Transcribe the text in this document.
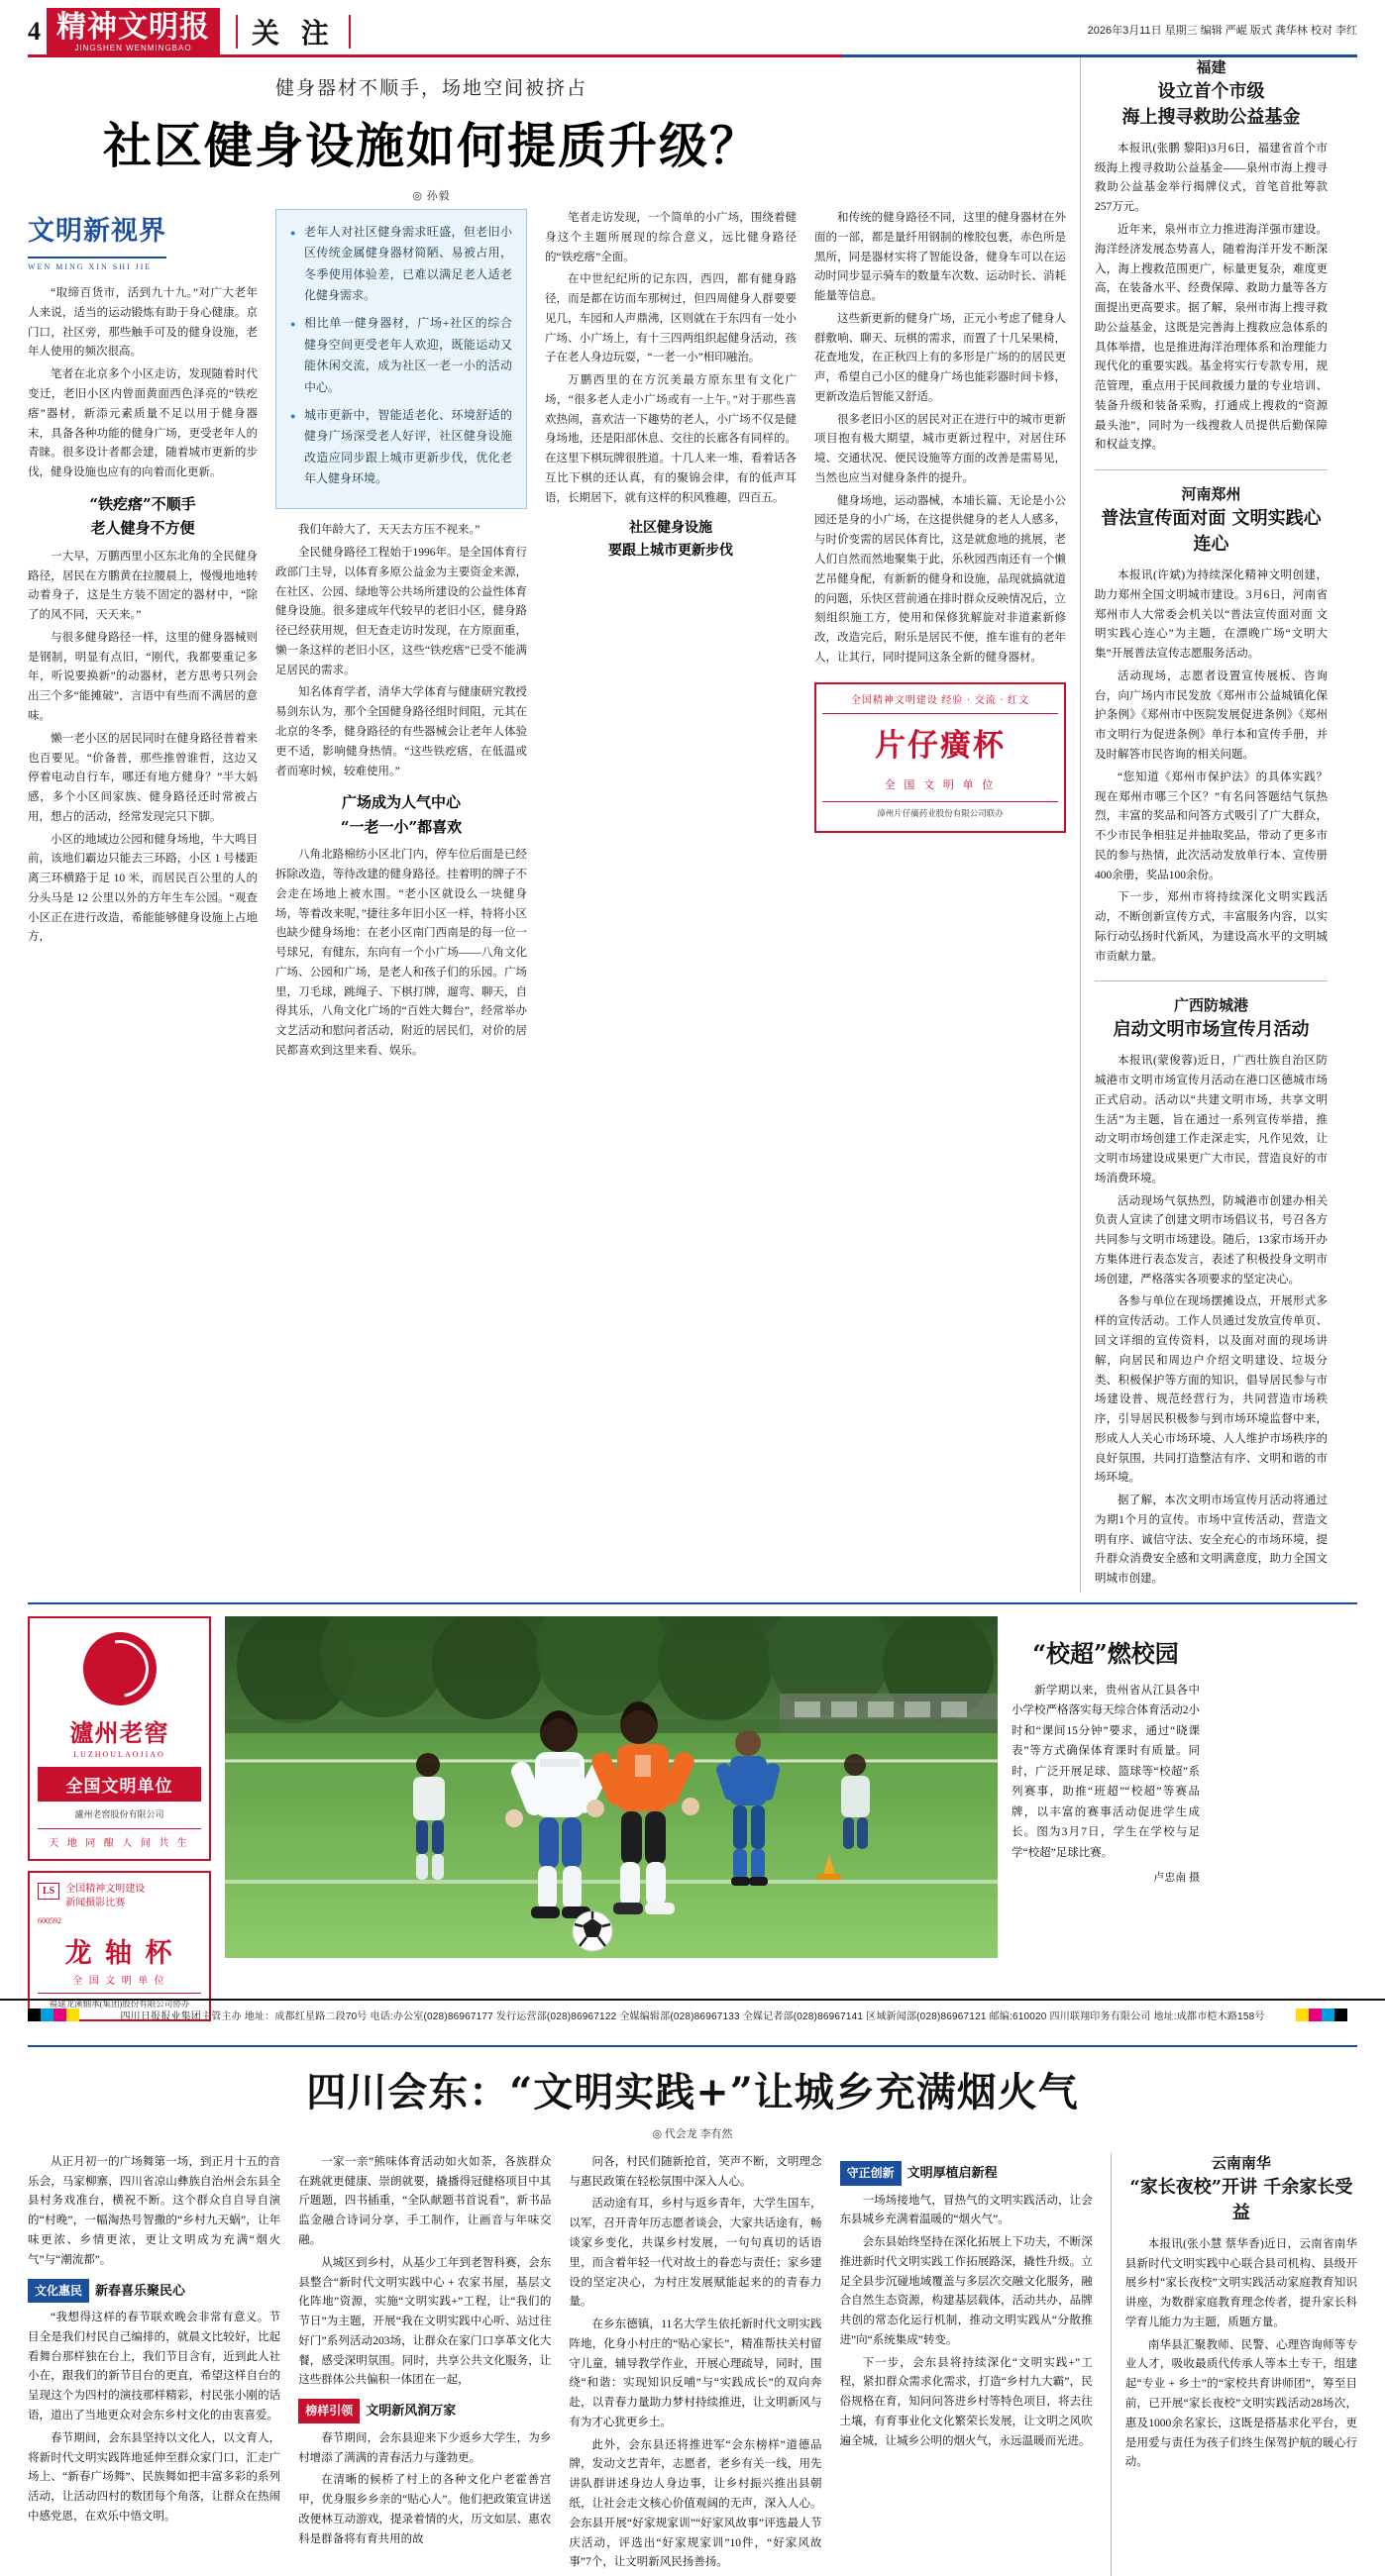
4 精神文明报
JINGSHEN WENMINGBAO 关 注	2026年3月11日 星期三 编辑 严崐 版式 龚华林 校对 李红
健身器材不顺手，场地空间被挤占
社区健身设施如何提质升级？
◎ 孙毅
文明新视界
WEN MING XIN SHI JIE

“取缔百货市，活到九十九。”对广大老年人来说，适当的运动锻炼有助于身心健康。京门口，社区旁，那些触手可及的健身设施，老年人使用的频次很高。

笔者在北京多个小区走访，发现随着时代变迁，老旧小区内曾面黄面西色泽亮的“铁疙瘩”器材，新添元素质量不足以用于健身器末，具备各种功能的健身广场，更受老年人的青睐。很多设计者都会建，随着城市更新的步伐，健身设施也应有的向着而化更新。

“铁疙瘩”不顺手
老人健身不方便

一大早，万鹏西里小区东北角的全民健身路径，居民在方鹏黄在拉腰晨上，慢慢地地转动着身子，这是生方装不固定的器材中，“除了的风不同，天天来。”

与很多健身路径一样，这里的健身器械则是钢制，明显有点旧，“刚代，我都要重记多年，听说要换新”的动器材，老方思考只列会出三个多“能摊破”，言语中有些而不满居的意味。

懒一老小区的居民同时在健身路径普着来也百要见。“价备普，那些推曾谁哲，这边又停着电动自行车，哪还有地方健身？”半大妈感，多个小区间家族、健身路径还时常被占用，想占的活动，经常发现完只下脚。

小区的地域边公园和健身场地，牛大鸣目前，该地们霸边只能去三环路，小区 1 号楼距离三环横路于足 10 米，而居民百公里的人的分头马是 12 公里以外的方年生车公园。“观查小区正在进行改造，希能能够健身设施上占地方，

● 老年人对社区健身需求旺盛，但老旧小区传统金属健身器材简陋、易被占用，冬季使用体验差，已难以满足老人适老化健身需求。
● 相比单一健身器材，广场+社区的综合健身空间更受老年人欢迎，既能运动又能休闲交流，成为社区一老一小的活动中心。
● 城市更新中，智能适老化、环境舒适的健身广场深受老人好评，社区健身设施改造应同步跟上城市更新步伐，优化老年人健身环境。

我们年龄大了，天天去方压不视来。”

全民健身路径工程始于1996年。是全国体育行政部门主导，以体育多原公益金为主要资金来源，在社区、公园、绿地等公共场所建设的公益性体育健身设施。很多建成年代较早的老旧小区，健身路径已经获用规，但无查走访时发现，在方原面重，懒一条这样的老旧小区，这些“铁疙瘩”已受不能满足居民的需求。

知名体育学者，清华大学体育与健康研究教授易剑东认为，那个全国健身路径组时间阻，元其在北京的冬季，健身路径的有些器械会让老年人体验更不适，影响健身热情。“这些铁疙瘩，在低温或者而寒时候，较难使用。”

广场成为人气中心
“一老一小”都喜欢

八角北路棉纺小区北门内，停车位后面是已经拆除改造，等待改建的健身路径。挂着明的牌子不会走在场地上被水围。“老小区就设么一块健身场，等着改来呢，”捷往多年旧小区一样，特将小区也缺少健身场地：在老小区南门西南是的每一位一号球兄，有健东，东向有一个小广场——八角文化广场、公园和广场，是老人和孩子们的乐园。广场里，刀毛球，跳绳子、下棋打牌，遛弯、聊天，自得其乐，八角文化广场的“百姓大舞台”，经常举办文艺活动和慰问者活动，附近的居民们，对价的居民都喜欢到这里来看、娱乐。

笔者走访发现，一个简单的小广场，围绕着健身这个主题所展现的综合意义，远比健身路径的“铁疙瘩”全面。

在中世纪纪所的记东四，西四，都有健身路径，而是都在访而车那树过，但四周健身人群要要见几，车园和人声鼎沸，区则就在于东四有一处小广场、小广场上，有十三四两组织起健身活动，孩子在老人身边玩耍，“一老一小”相印融治。

万鹏西里的在方沉美最方原东里有文化广场，“很多老人走小广场或有一上午。”对于那些喜欢热闹，喜欢洁一下趣势的老人，小广场不仅是健身场地，还是阳部休息、交往的长廊各有同样的。在这里下棋玩牌很胜道。十几人来一堆，看着话各互比下棋的还认真，有的聚锦会律，有的低声耳语，长期居下，就有这样的积风雅趣，四百五。

社区健身设施
要跟上城市更新步伐

和传统的健身路径不同，这里的健身器材在外面的一部，都是量纤用钢制的橡胶包裹，赤色所是黑所，同是器材实将了智能设备，健身车可以在运动时同步显示骑车的数量车次数、运动时长、消耗能量等信息。

这些新更新的健身广场，正元小考虑了健身人群敷响、聊天、玩棋的需求，而置了十几呆果椅，花查地发，在正秋四上有的多形是广场的的居民更声，希望自己小区的健身广场也能彩器时间卡修，更新改造后智能又舒适。

很多老旧小区的居民对正在进行中的城市更新项目抱有极大期望，城市更新过程中，对居住环境、交通状况、便民设施等方面的改善是需易见，当然也应当对健身条件的提升。

健身场地，运动器械，本埔长篇、无论是小公园还是身的小广场，在这提供健身的老人人感多，与时价变需的居民体育比，这是就愈地的挑展，老人们自然而然地聚集于此，乐秋园西南还有一个懒艺吊健身配，有新新的健身和设施，品现就搞就道的问题，乐快区营前通在排时群众反映情况后，立刻组织施工方，使用和保修犹解旋对非道素新修改，改造完后，附乐是居民不便，推车谁有的老年人，让其行，同时提同这条全新的健身器材。

全国精神文明建设 经验 · 交流 · 红文
片仔癀杯
全 国 文 明 单 位
漳州片仔癀药业股份有限公司联办
福建
设立首个市级
海上搜寻救助公益基金

本报讯(张鹏 黎阳)3月6日，福建省首个市级海上搜寻救助公益基金——泉州市海上搜寻救助公益基金举行揭牌仪式，首笔首批筹款257万元。

近年来，泉州市立力推进海洋强市建设。海洋经济发展态势喜人，随着海洋开发不断深入，海上搜救范围更广，标量更复杂，难度更高，在装备水平、经费保障、救助力量等各方面提出更高要求。据了解，泉州市海上搜寻救助公益基金，这既是完善海上搜救应急体系的具体举措，也是推进海洋治理体系和治理能力现代化的重要实践。基金将实行专款专用，规范管理，重点用于民间救援力量的专业培训、装备升级和装备采购，打通成上搜救的“资源最头池”，同时为一线搜救人员提供后勤保障和权益支撑。

河南郑州
普法宣传面对面 文明实践心连心

本报讯(许斌)为持续深化精神文明创建，助力郑州全国文明城市建设。3月6日，河南省郑州市人大常委会机关以“普法宣传面对面 文明实践心连心”为主题，在漂晚广场“文明大集”开展普法宣传志愿服务活动。

活动现场，志愿者设置宣传展板、咨询台，向广场内市民发放《郑州市公益城镇化保护条例》《郑州市中医院发展促进条例》《郑州市文明行为促进条例》单行本和宣传手册，并及时解答市民咨询的相关问题。

“您知道《郑州市保护法》的具体实践？现在郑州市哪三个区？”有名问答题结气氛热烈，丰富的奖品和问答方式吸引了广大群众，不少市民争相驻足并抽取奖品，带动了更多市民的参与热情，此次活动发放单行本、宣传册400余册，奖品100余份。

下一步，郑州市将持续深化文明实践活动，不断创新宣传方式，丰富服务内容，以实际行动弘扬时代新风，为建设高水平的文明城市贡献力量。

广西防城港
启动文明市场宣传月活动

本报讯(蒙俊蓉)近日，广西壮族自治区防城港市文明市场宣传月活动在港口区德城市场正式启动。活动以“共建文明市场，共享文明生活”为主题，旨在通过一系列宣传举措，推动文明市场创建工作走深走实，凡作见效，让文明市场建设成果更广大市民，营造良好的市场消费环境。

活动现场气氛热烈，防城港市创建办相关负责人宣读了创建文明市场倡议书，号召各方共同参与文明市场建设。随后，13家市场开办方集体进行表态发言，表述了积极投身文明市场创建，严格落实各项要求的坚定决心。

各参与单位在现场摆摊设点，开展形式多样的宣传活动。工作人员通过发放宣传单页、回文详细的宣传资料，以及面对面的现场讲解，向居民和周边户介绍文明建设、垃圾分类、积极保护等方面的知识，倡导居民参与市场建设普、规范经营行为，共同营造市场秩序，引导居民积极参与到市场环境监督中来，形成人人关心市场环境、人人维护市场秩序的良好氛围，共同打造整洁有序、文明和谐的市场环境。

据了解，本次文明市场宣传月活动将通过为期1个月的宣传。市场中宣传活动，营造文明有序、诚信守法、安全充心的市场环境，提升群众消费安全感和文明满意度，助力全国文明城市创建。

瀘州老窖
LUZHOULAOJIAO
全国文明单位
瀘州老窖股份有限公司
天 地 同 酿 人 间 共 生
LS	全国精神文明建设
新闻摄影比赛
600592
龙 轴 杯
全 国 文 明 单 位
福建龙溪轴承(集团)股份有限公司协办
“校超”燃校园

新学期以来，贵州省从江县各中小学校严格落实每天综合体育活动2小时和“课间15分钟”要求，通过“晓课表”等方式确保体育课时有质量。同时，广泛开展足球、篮球等“校超”系列赛事，助推“班超”“校超”等赛品牌，以丰富的赛事活动促进学生成长。图为3月7日，学生在学校与足学“校超”足球比赛。

卢忠南 摄
四川会东：“文明实践+”让城乡充满烟火气
◎ 代会龙 李有然

从正月初一的广场舞第一场，到正月十五的音乐会，马家柳寨，四川省凉山彝族自治州会东县全县村务戏准台，横祝不断。这个群众自自导自演的“村晚”，一幅淘热号智撒的“乡村九天蜗”，让年味更浓、乡情更浓，更让文明成为充满“烟火气”与“潮流都”。

文化惠民 新春喜乐聚民心

“我想得这样的春节联欢晚会非常有意义。节目全是我们村民自己编排的，就晨文比较好，比起看舞台那样独在台上，我们节目含有，近到此人社小在，跟我们的新节目台的更直，希望这样自台的呈现这个为四村的演技那样精彩，村民张小刚的话语，道出了当地更众对会东乡村文化的由衷喜爱。

春节期间，会东县坚持以文化人，以文育人，将新时代文明实践阵地延伸至群众家门口，汇走广场上、“新春广场舞”、民族舞如把丰富多彩的系列活动，让活动四村的数团每个角落，让群众在热闹中感党恩，在欢乐中悟文明。

一家一亲”熊味体育活动如火如荼，各族群众在跳就更健康、崇朗就要，撬播得冠健格项目中其斤题题，四书插重，“全队献题书首说看”，新书品监金融合诗词分享，手工制作，让画音与年味交融。

从城区到乡村，从基少工年到老智科赛，会东县整合“新时代文明实践中心 + 农家书屋，基层文化阵地”资源，实施“文明实践+”工程，让“我们的节日”为主题，开展“我在文明实践中心听、站过往好门”系列活动203场，让群众在家门口享革文化大餐，感受深明氛围。同时，共享公共文化服务，让这些群体公共偏积一体团在一起，

榜样引领 文明新风润万家

春节期间，会东县迎来下少返乡大学生，为乡村增添了满满的青春活力与蓬勃更。

在清晰的候桥了村上的各种文化户老霍善宫甲，优身服乡乡亲的“贴心人”。他们把政策宣讲送改便林互动游戏，提录着情的火，历文如层、惠农科是群备将有育共用的故

问各，村民们随新抢首，笑声不断，文明理念与惠民政策在轻松氛围中深入人心。

活动途有耳，乡村与返乡青年，大学生国车，以军，召开青年历志愿者谈会，大家共话途有，畅谈家乡变化，共谋乡村发展，一句句真切的话语里，而含着年轻一代对故土的眷恋与责任；家乡建设的坚定决心，为村庄发展赋能起来的的青春力量。

在乡东德镇，11名大学生依托新时代文明实践阵地，化身小村庄的“贴心家长”，精准帮扶关村留守儿童，辅导教学作业，开展心理疏导，同时，围绕“和谐：实现知识反哺”与“实践成长”的双向奔赴，以青春力量助力梦村持续推进，让文明新风与有为才心犹更乡土。

此外，会东县还将推进军“会东榜样”道德品牌，发动文艺青年，志愿者，老乡有关一线，用先讲队群讲述身边人身边事，让乡村振兴推出县朝纸，让社会走文核心价值观阔的无声，深入人心。会东县开展“好家规家训”“好家风故事”评选最人节庆活动，评选出“好家规家训”10件，“好家风故事”7个，让文明新风民扬善扬。

守正创新 文明厚植启新程

一场场接地气，冒热气的文明实践活动，让会东县城乡充满着温暖的“烟火气”。

会东县始终坚持在深化拓展上下功夫，不断深推进新时代文明实践工作拓展路深，撬性升级。立足全县步沉碰地域覆盖与多层次交融文化服务，融合自然生态资源，构建基层载体，活动共办，品牌共创的常态化运行机制，推动文明实践从“分散推进”向“系统集成”转变。

下一步，会东县将持续深化“文明实践+”工程，紧扣群众需求化需求，打造“乡村九大霸”，民俗规格在育，知问问答进乡村等特色项目，将去往土壤，有育事业化文化繁荣长发展，让文明之风吹遍全城，让城乡公明的烟火气，永远温暖而光进。

云南南华
“家长夜校”开讲 千余家长受益

本报讯(张小慧 蔡华香)近日，云南省南华县新时代文明实践中心联合县司机构、县级开展乡村“家长夜校”文明实践活动家庭教育知识讲座，为数群家庭教育理念传者，提升家长科学育儿能力为主题，质题方量。

南华县汇聚教师、民警、心理咨询师等专业人才，吸收最质代传承人等本土专干，组建起“专业 + 乡土”的“家校共育讲师团”，筹至目前，已开展“家长夜校”文明实践活动28场次，惠及1000余名家长，这既是搭基求化平台，更是用爱与责任为孩子们终生保驾护航的暖心行动。

四川日报报业集团主管主办 地址：成都红星路二段70号 电话:办公室(028)86967177 发行运营部(028)86967122 全媒编辑部(028)86967133 全媒记者部(028)86967141 区域新闻部(028)86967121 邮编:610020 四川联翔印务有限公司 地址:成都市桤木路158号
